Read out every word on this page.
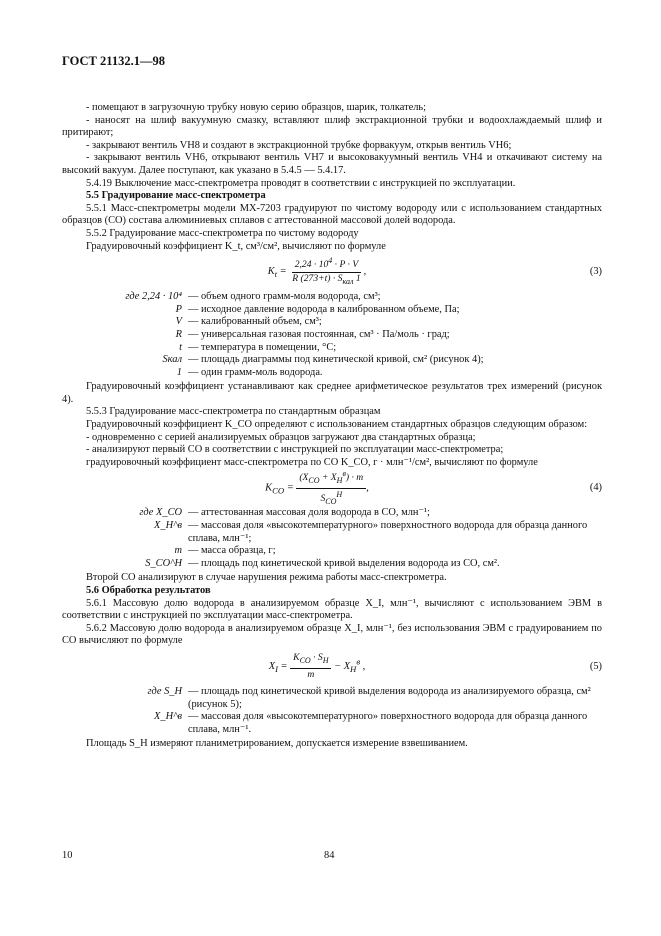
ГОСТ 21132.1—98

- помещают в загрузочную трубку новую серию образцов, шарик, толкатель;

- наносят на шлиф вакуумную смазку, вставляют шлиф экстракционной трубки и водоохлаждаемый шлиф и притирают;

- закрывают вентиль VH8 и создают в экстракционной трубке форвакуум, открыв вентиль VH6;

- закрывают вентиль VH6, открывают вентиль VH7 и высоковакуумный вентиль VH4 и откачивают систему на высокий вакуум. Далее поступают, как указано в 5.4.5 — 5.4.17.

5.4.19 Выключение масс-спектрометра проводят в соответствии с инструкцией по эксплуатации.

5.5 Градуирование масс-спектрометра

5.5.1 Масс-спектрометры модели МХ-7203 градуируют по чистому водороду или с использованием стандартных образцов (СО) состава алюминиевых сплавов с аттестованной массовой долей водорода.

5.5.2 Градуирование масс-спектрометра по чистому водороду

Градуировочный коэффициент K_t, см³/см², вычисляют по формуле

$K_t = \frac{2,24 \cdot 10^4 \cdot P \cdot V}{R (273+t) \cdot S_{кал} 1}$ ,	(3)
где 2,24 · 10⁴ — объем одного грамм-моля водорода, см³;
P — исходное давление водорода в калиброванном объеме, Па;
V — калиброванный объем, см³;
R — универсальная газовая постоянная, см³ · Па/моль · град;
t — температура в помещении, °С;
Sкал — площадь диаграммы под кинетической кривой, см² (рисунок 4);
1 — один грамм-моль водорода.

Градуировочный коэффициент устанавливают как среднее арифметическое результатов трех измерений (рисунок 4).

5.5.3 Градуирование масс-спектрометра по стандартным образцам

Градуировочный коэффициент K_СО определяют с использованием стандартных образцов следующим образом:

- одновременно с серией анализируемых образцов загружают два стандартных образца;

- анализируют первый СО в соответствии с инструкцией по эксплуатации масс-спектрометра;

градуировочный коэффициент масс-спектрометра по СО K_СО, г · млн⁻¹/см², вычисляют по формуле

$K_{СО} = \frac{(X_{СО} + X_Н^в) \cdot m}{S_{СО}^Н}$ ,	(4)
где X_СО — аттестованная массовая доля водорода в СО, млн⁻¹;
X_Н^в — массовая доля «высокотемпературного» поверхностного водорода для образца данного сплава, млн⁻¹;
m — масса образца, г;
S_СО^Н — площадь под кинетической кривой выделения водорода из СО, см².

Второй СО анализируют в случае нарушения режима работы масс-спектрометра.

5.6 Обработка результатов

5.6.1 Массовую долю водорода в анализируемом образце X_I, млн⁻¹, вычисляют с использованием ЭВМ в соответствии с инструкцией по эксплуатации масс-спектрометра.

5.6.2 Массовую долю водорода в анализируемом образце X_I, млн⁻¹, без использования ЭВМ с градуированием по СО вычисляют по формуле

$X_I = \frac{K_{СО} \cdot S_Н}{m} - X_Н^в$ ,	(5)
где S_Н — площадь под кинетической кривой выделения водорода из анализируемого образца, см² (рисунок 5);
X_Н^в — массовая доля «высокотемпературного» поверхностного водорода для образца данного сплава, млн⁻¹.

Площадь S_Н измеряют планиметрированием, допускается измерение взвешиванием.

10	84
